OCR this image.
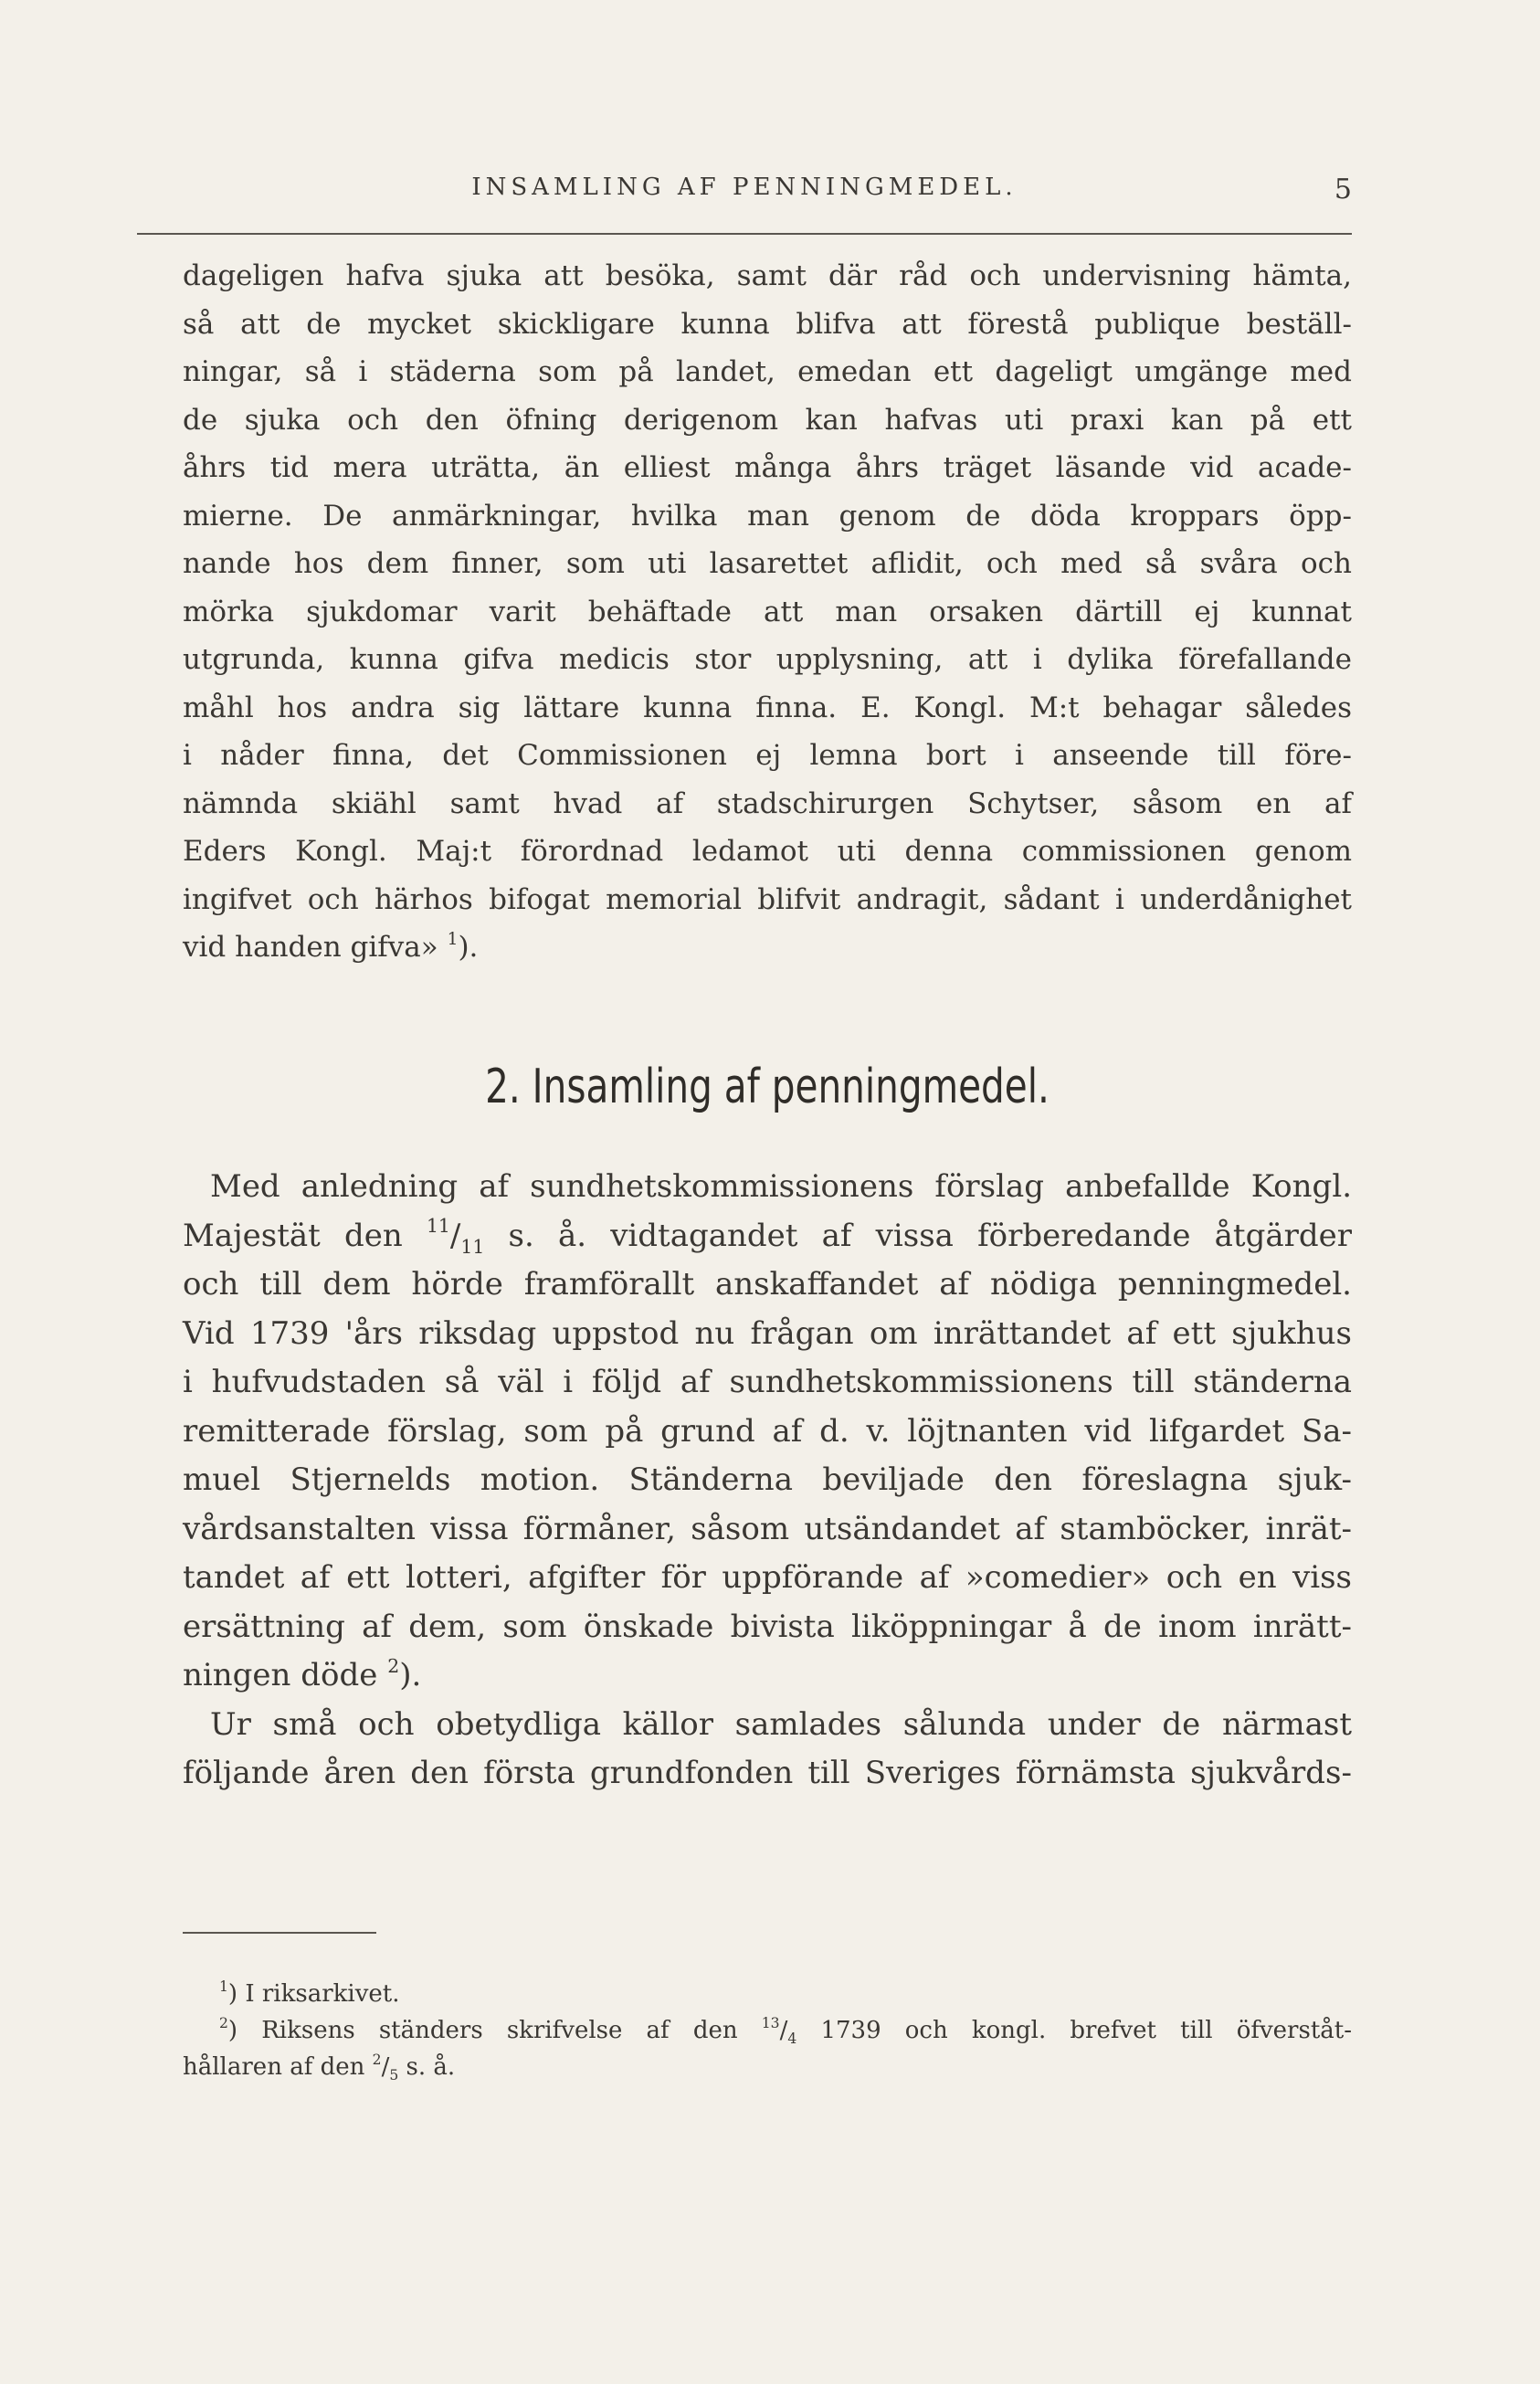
INSAMLING AF PENNINGMEDEL.	5
dageligen hafva sjuka att besöka, samt där råd och undervisning hämta,
så att de mycket skickligare kunna blifva att förestå publique beställ-
ningar, så i städerna som på landet, emedan ett dageligt umgänge med
de sjuka och den öfning derigenom kan hafvas uti praxi kan på ett
åhrs tid mera uträtta, än elliest många åhrs träget läsande vid acade-
mierne. De anmärkningar, hvilka man genom de döda kroppars öpp-
nande hos dem finner, som uti lasarettet aflidit, och med så svåra och
mörka sjukdomar varit behäftade att man orsaken därtill ej kunnat
utgrunda, kunna gifva medicis stor upplysning, att i dylika förefallande
måhl hos andra sig lättare kunna finna. E. Kongl. M:t behagar således
i nåder finna, det Commissionen ej lemna bort i anseende till före-
nämnda skiähl samt hvad af stadschirurgen Schytser, såsom en af
Eders Kongl. Maj:t förordnad ledamot uti denna commissionen genom
ingifvet och härhos bifogat memorial blifvit andragit, sådant i underdånighet
vid handen gifva» $^1$).
2. Insamling af penningmedel.
Med anledning af sundhetskommissionens förslag anbefallde Kongl.
Majestät den $^{11}/_{11}$ s. å. vidtagandet af vissa förberedande åtgärder
och till dem hörde framförallt anskaffandet af nödiga penningmedel.
Vid 1739 'års riksdag uppstod nu frågan om inrättandet af ett sjukhus
i hufvudstaden så väl i följd af sundhetskommissionens till ständerna
remitterade förslag, som på grund af d. v. löjtnanten vid lifgardet Sa-
muel Stjernelds motion. Ständerna beviljade den föreslagna sjuk-
vårdsanstalten vissa förmåner, såsom utsändandet af stamböcker, inrät-
tandet af ett lotteri, afgifter för uppförande af »comedier» och en viss
ersättning af dem, som önskade bivista liköppningar å de inom inrätt-
ningen döde $^2$).
Ur små och obetydliga källor samlades sålunda under de närmast
följande åren den första grundfonden till Sveriges förnämsta sjukvårds-
$^1$) I riksarkivet.
$^2$) Riksens ständers skrifvelse af den $^{13}/_4$ 1739 och kongl. brefvet till öfverståt-
hållaren af den $^2/_5$ s. å.
